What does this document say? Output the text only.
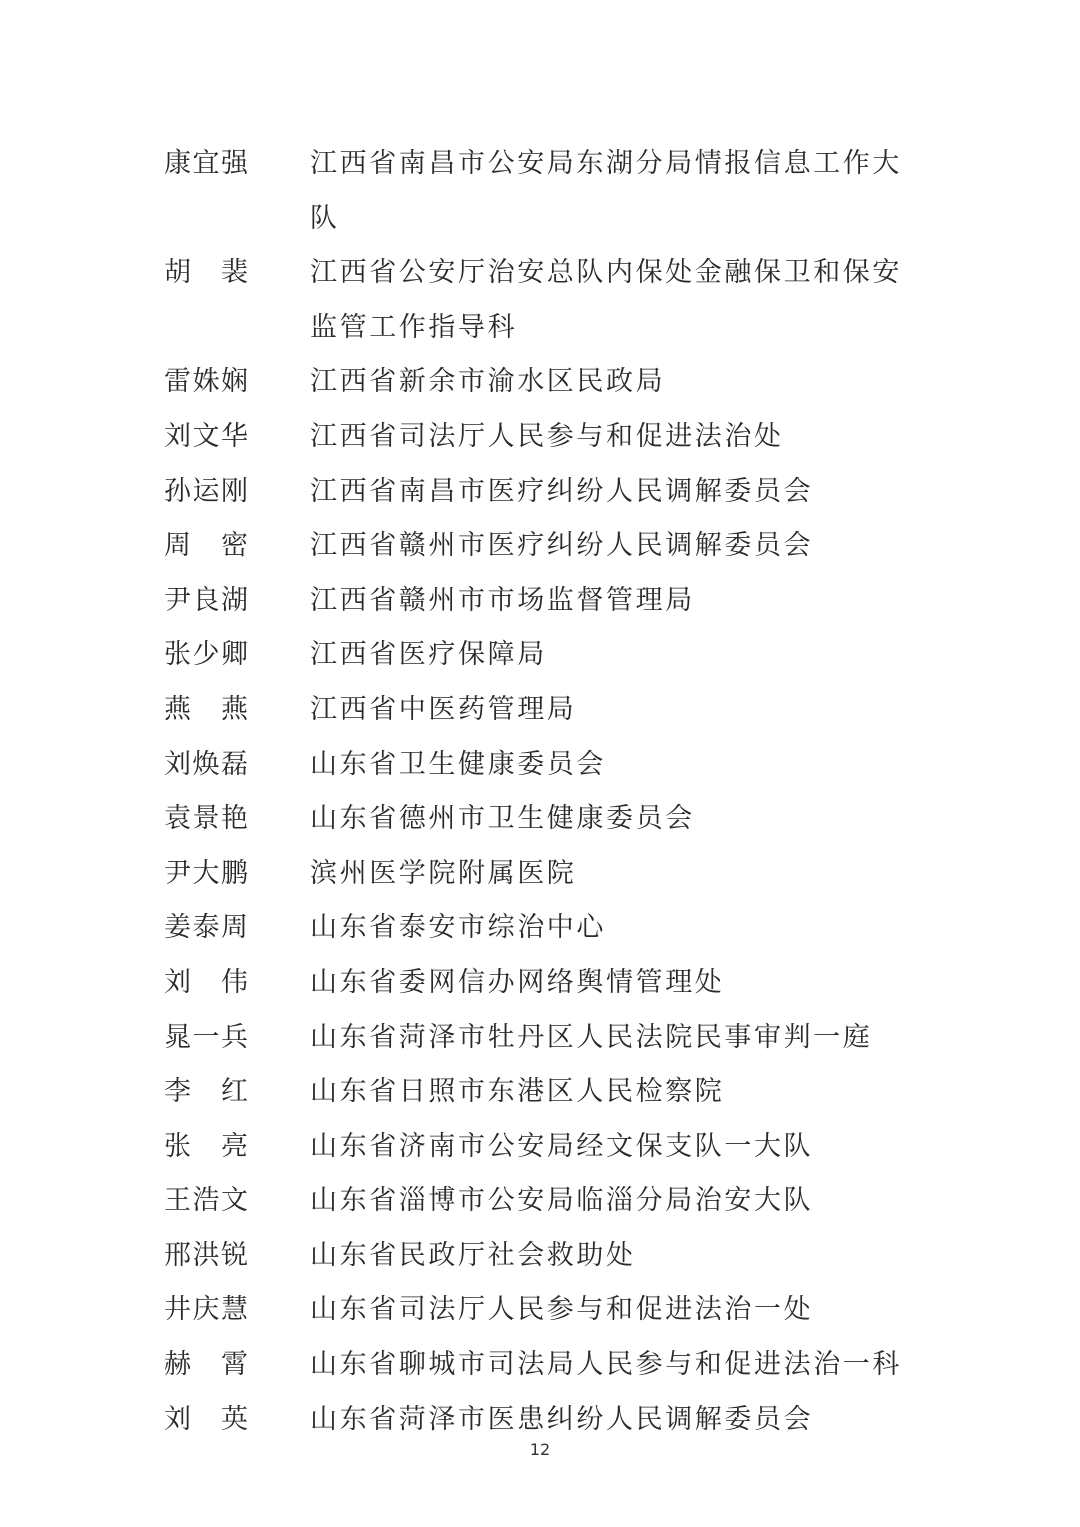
康宜强 江西省南昌市公安局东湖分局情报信息工作大队
胡 裴 江西省公安厅治安总队内保处金融保卫和保安监管工作指导科
雷姝娴 江西省新余市渝水区民政局
刘文华 江西省司法厅人民参与和促进法治处
孙运刚 江西省南昌市医疗纠纷人民调解委员会
周 密 江西省赣州市医疗纠纷人民调解委员会
尹良湖 江西省赣州市市场监督管理局
张少卿 江西省医疗保障局
燕 燕 江西省中医药管理局
刘焕磊 山东省卫生健康委员会
袁景艳 山东省德州市卫生健康委员会
尹大鹏 滨州医学院附属医院
姜泰周 山东省泰安市综治中心
刘 伟 山东省委网信办网络舆情管理处
晁一兵 山东省菏泽市牡丹区人民法院民事审判一庭
李 红 山东省日照市东港区人民检察院
张 亮 山东省济南市公安局经文保支队一大队
王浩文 山东省淄博市公安局临淄分局治安大队
邢洪锐 山东省民政厅社会救助处
井庆慧 山东省司法厅人民参与和促进法治一处
赫 霄 山东省聊城市司法局人民参与和促进法治一科
刘 英 山东省菏泽市医患纠纷人民调解委员会
12
